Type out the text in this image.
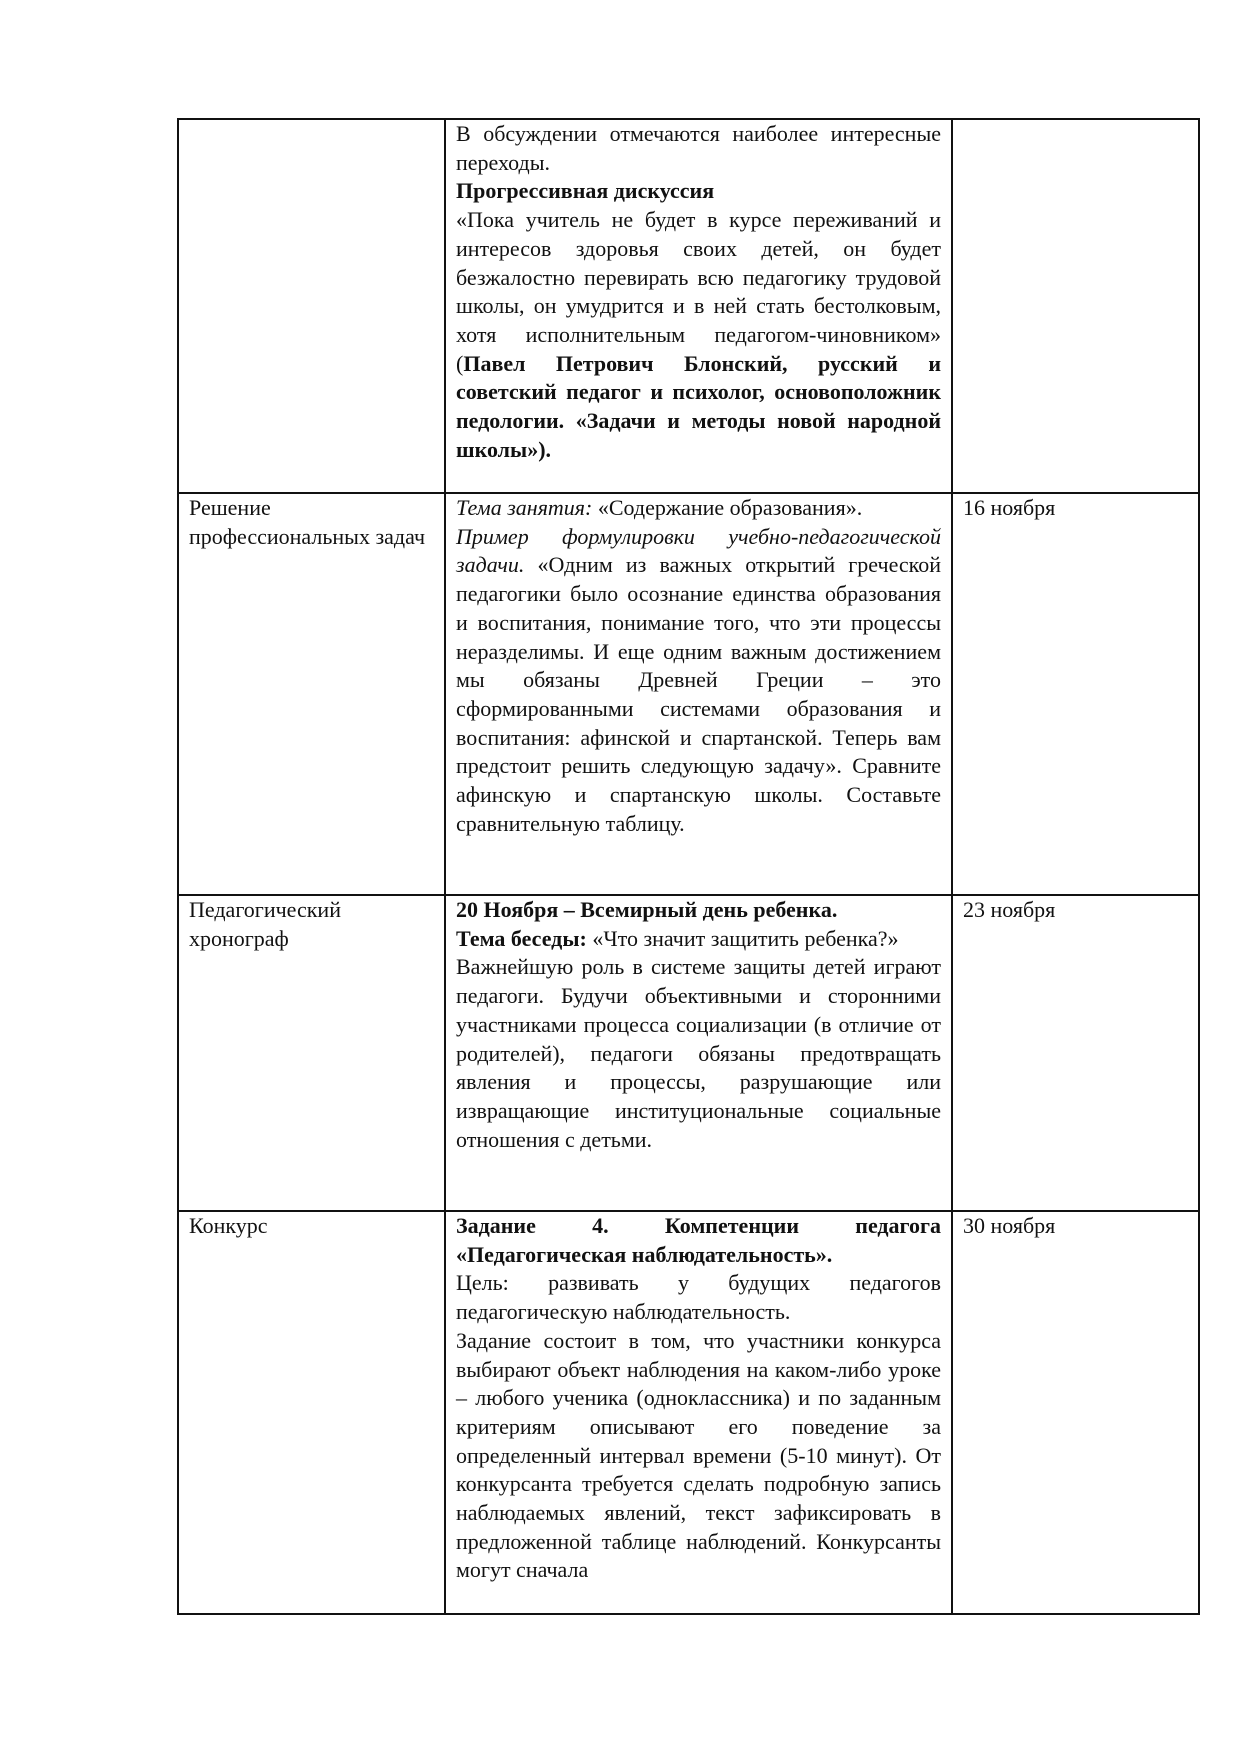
	В обсуждении отмечаются наиболее интересные переходы.

Прогрессивная дискуссия

«Пока учитель не будет в курсе переживаний и интересов здоровья своих детей, он будет безжалостно перевирать всю педагогику трудовой школы, он умудрится и в ней стать бестолковым, хотя исполнительным педагогом-чиновником» (Павел Петрович Блонский, русский и советский педагог и психолог, основоположник педологии. «Задачи и методы новой народной школы»).	

Решение профессиональных задач	Тема занятия: «Содержание образования».

Пример формулировки учебно-педагогической задачи. «Одним из важных открытий греческой педагогики было осознание единства образования и воспитания, понимание того, что эти процессы неразделимы. И еще одним важным достижением мы обязаны Древней Греции – это сформированными системами образования и воспитания: афинской и спартанской. Теперь вам предстоит решить следующую задачу». Сравните афинскую и спартанскую школы. Составьте сравнительную таблицу.	16 ноября
Педагогический хронограф	20 Ноября – Всемирный день ребенка.

Тема беседы: «Что значит защитить ребенка?»

Важнейшую роль в системе защиты детей играют педагоги. Будучи объективными и сторонними участниками процесса социализации (в отличие от родителей), педагоги обязаны предотвращать явления и процессы, разрушающие или извращающие институциональные социальные отношения с детьми.	23 ноября
Конкурс	Задание 4. Компетенции педагога «Педагогическая наблюдательность».

Цель: развивать у будущих педагогов педагогическую наблюдательность.

Задание состоит в том, что участники конкурса выбирают объект наблюдения на каком-либо уроке – любого ученика (одноклассника) и по заданным критериям описывают его поведение за определенный интервал времени (5-10 минут). От конкурсанта требуется сделать подробную запись наблюдаемых явлений, текст зафиксировать в предложенной таблице наблюдений. Конкурсанты могут сначала	30 ноября
